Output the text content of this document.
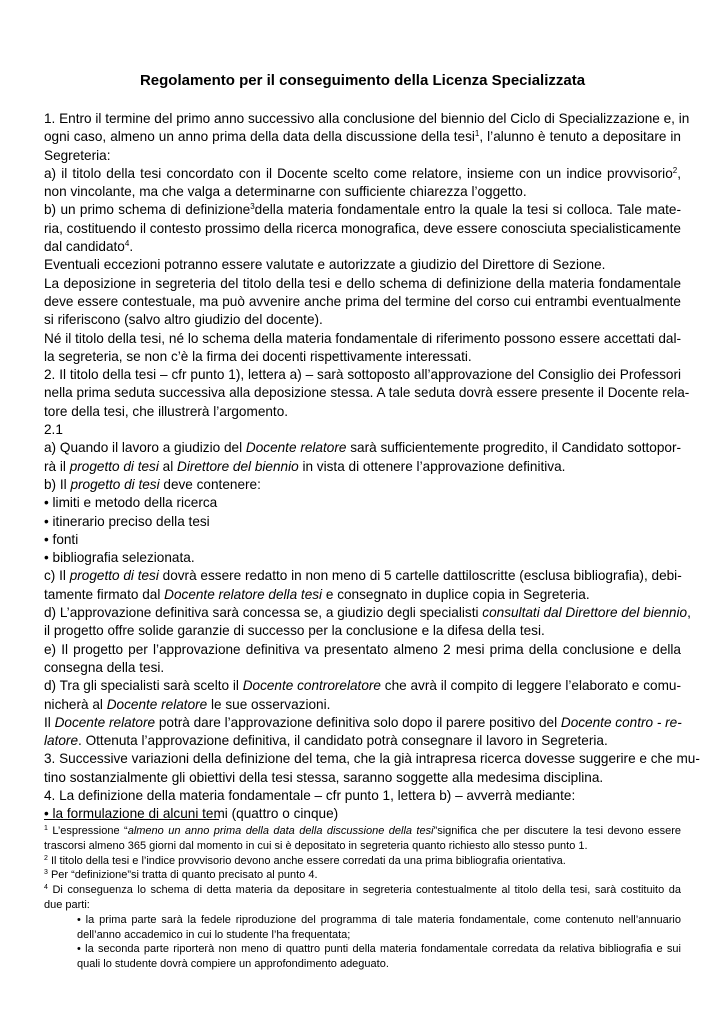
Regolamento per il conseguimento della Licenza Specializzata
1. Entro il termine del primo anno successivo alla conclusione del biennio del Ciclo di Specializzazione e, in
ogni caso, almeno un anno prima della data della discussione della tesi$^1$, l’alunno è tenuto a depositare in
Segreteria:
a) il titolo della tesi concordato con il Docente scelto come relatore, insieme con un indice provvisorio$^2$,
non vincolante, ma che valga a determinarne con sufficiente chiarezza l’oggetto.
b) un primo schema di definizione$^3$della materia fondamentale entro la quale la tesi si colloca. Tale mate-
ria, costituendo il contesto prossimo della ricerca monografica, deve essere conosciuta specialisticamente
dal candidato$^4$.
Eventuali eccezioni potranno essere valutate e autorizzate a giudizio del Direttore di Sezione.
La deposizione in segreteria del titolo della tesi e dello schema di definizione della materia fondamentale
deve essere contestuale, ma può avvenire anche prima del termine del corso cui entrambi eventualmente
si riferiscono (salvo altro giudizio del docente).
Né il titolo della tesi, né lo schema della materia fondamentale di riferimento possono essere accettati dal-
la segreteria, se non c’è la firma dei docenti rispettivamente interessati.
2. Il titolo della tesi – cfr punto 1), lettera a) – sarà sottoposto all’approvazione del Consiglio dei Professori
nella prima seduta successiva alla deposizione stessa. A tale seduta dovrà essere presente il Docente rela-
tore della tesi, che illustrerà l’argomento.
2.1
a) Quando il lavoro a giudizio del Docente relatore sarà sufficientemente progredito, il Candidato sottopor-
rà il progetto di tesi al Direttore del biennio in vista di ottenere l’approvazione definitiva.
b) Il progetto di tesi deve contenere:
• limiti e metodo della ricerca
• itinerario preciso della tesi
• fonti
• bibliografia selezionata.
c) Il progetto di tesi dovrà essere redatto in non meno di 5 cartelle dattiloscritte (esclusa bibliografia), debi-
tamente firmato dal Docente relatore della tesi e consegnato in duplice copia in Segreteria.
d) L’approvazione definitiva sarà concessa se, a giudizio degli specialisti consultati dal Direttore del biennio,
il progetto offre solide garanzie di successo per la conclusione e la difesa della tesi.
e) Il progetto per l’approvazione definitiva va presentato almeno 2 mesi prima della conclusione e della
consegna della tesi.
d) Tra gli specialisti sarà scelto il Docente controrelatore che avrà il compito di leggere l’elaborato e comu-
nicherà al Docente relatore le sue osservazioni.
Il Docente relatore potrà dare l’approvazione definitiva solo dopo il parere positivo del Docente contro - re-
latore. Ottenuta l’approvazione definitiva, il candidato potrà consegnare il lavoro in Segreteria.
3. Successive variazioni della definizione del tema, che la già intrapresa ricerca dovesse suggerire e che mu-
tino sostanzialmente gli obiettivi della tesi stessa, saranno soggette alla medesima disciplina.
4. La definizione della materia fondamentale – cfr punto 1, lettera b) – avverrà mediante:
• la formulazione di alcuni temi (quattro o cinque)
$^1$ L’espressione “almeno un anno prima della data della discussione della tesi”significa che per discutere la tesi devono essere
trascorsi almeno 365 giorni dal momento in cui si è depositato in segreteria quanto richiesto allo stesso punto 1.
$^2$ Il titolo della tesi e l’indice provvisorio devono anche essere corredati da una prima bibliografia orientativa.
$^3$ Per “definizione”si tratta di quanto precisato al punto 4.
$^4$ Di conseguenza lo schema di detta materia da depositare in segreteria contestualmente al titolo della tesi, sarà costituito da
due parti:
• la prima parte sarà la fedele riproduzione del programma di tale materia fondamentale, come contenuto nell’annuario
dell’anno accademico in cui lo studente l’ha frequentata;
• la seconda parte riporterà non meno di quattro punti della materia fondamentale corredata da relativa bibliografia e sui
quali lo studente dovrà compiere un approfondimento adeguato.
